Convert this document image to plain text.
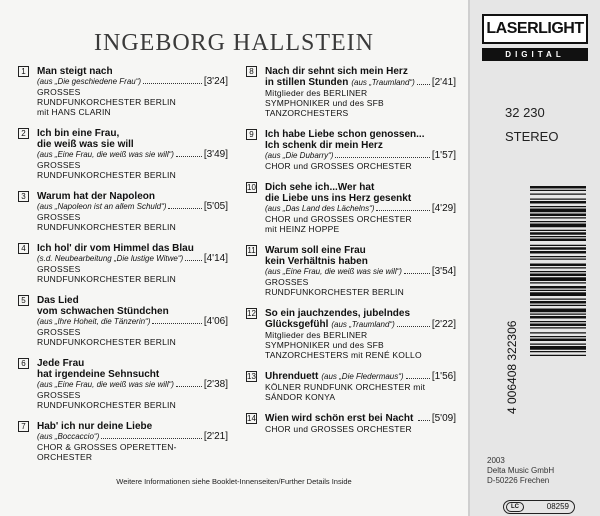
INGEBORG HALLSTEIN
1	Man steigt nach
(aus „Die geschiedene Frau“)	[3'24]
GROSSES
RUNDFUNKORCHESTER BERLIN
mit HANS CLARIN
2	Ich bin eine Frau,
die weiß was sie will
(aus „Eine Frau, die weiß was sie will“)	[3'49]
GROSSES
RUNDFUNKORCHESTER BERLIN
3	Warum hat der Napoleon
(aus „Napoleon ist an allem Schuld“)	[5'05]
GROSSES
RUNDFUNKORCHESTER BERLIN
4	Ich hol' dir vom Himmel das Blau
(s.d. Neubearbeitung „Die lustige Witwe“) [4'14]
GROSSES
RUNDFUNKORCHESTER BERLIN
5	Das Lied
vom schwachen Stündchen
(aus „Ihre Hoheit, die Tänzerin“)	[4'06]
GROSSES
RUNDFUNKORCHESTER BERLIN
6	Jede Frau
hat irgendeine Sehnsucht
(aus „Eine Frau, die weiß was sie will“)	[2'38]
GROSSES
RUNDFUNKORCHESTER BERLIN
7	Hab' ich nur deine Liebe
(aus „Boccaccio“)	[2'21]
CHOR & GROSSES OPERETTEN-
ORCHESTER
8	Nach dir sehnt sich mein Herz
in stillen Stunden (aus „Traumland“) [2'41]
Mitglieder des BERLINER
SYMPHONIKER und des SFB
TANZORCHESTERS
9	Ich habe Liebe schon genossen...
Ich schenk dir mein Herz
(aus „Die Dubarry“)	[1'57]
CHOR und GROSSES ORCHESTER
10 Dich sehe ich...Wer hat
die Liebe uns ins Herz gesenkt
(aus „Das Land des Lächelns“)	[4'29]
CHOR und GROSSES ORCHESTER
mit HEINZ HOPPE
11 Warum soll eine Frau
kein Verhältnis haben
(aus „Eine Frau, die weiß was sie will“)	[3'54]
GROSSES
RUNDFUNKORCHESTER BERLIN
12 So ein jauchzendes, jubelndes
Glücksgefühl (aus „Traumland“)	[2'22]
Mitglieder des BERLINER
SYMPHONIKER und des SFB
TANZORCHESTERS mit RENÉ KOLLO
13 Uhrenduett (aus „Die Fledermaus“)	[1'56]
KÖLNER RUNDFUNK ORCHESTER mit
SÁNDOR KONYA
14 Wien wird schön erst bei Nacht [5'09]
CHOR und GROSSES ORCHESTER
Weitere Informationen siehe Booklet-Innenseiten/Further Details Inside
LASERLIGHT
DIGITAL
32 230
STEREO
4 006408 322306
2003
Delta Music GmbH
D-50226 Frechen
LC	08259
